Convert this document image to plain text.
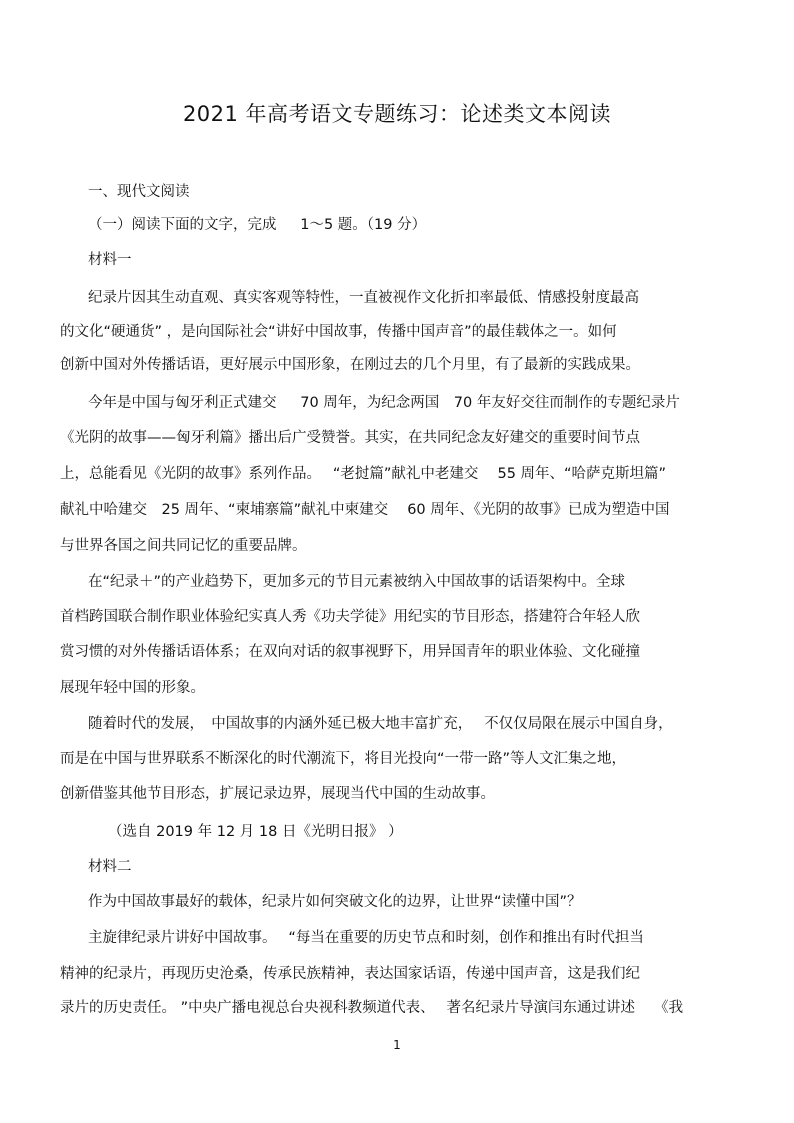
2021 年高考语文专题练习：论述类文本阅读
一、现代文阅读
（一）阅读下面的文字，完成　  1～5 题。（19 分）
材料一
纪录片因其生动直观、真实客观等特性，一直被视作文化折扣率最低、情感投射度最高
的文化“硬通货” ，是向国际社会“讲好中国故事，传播中国声音”的最佳载体之一。如何
创新中国对外传播话语，更好展示中国形象，在刚过去的几个月里，有了最新的实践成果。
今年是中国与匈牙利正式建交　  70 周年，为纪念两国　70 年友好交往而制作的专题纪录片
《光阴的故事——匈牙利篇》播出后广受赞誉。其实，在共同纪念友好建交的重要时间节点
上，总能看见《光阴的故事》系列作品。　 “老挝篇”献礼中老建交　 55 周年、“哈萨克斯坦篇”
献礼中哈建交　25 周年、“柬埔寨篇”献礼中柬建交　 60 周年、《光阴的故事》已成为塑造中国
与世界各国之间共同记忆的重要品牌。
在“纪录＋”的产业趋势下，更加多元的节目元素被纳入中国故事的话语架构中。全球
首档跨国联合制作职业体验纪实真人秀《功夫学徒》用纪实的节目形态，搭建符合年轻人欣
赏习惯的对外传播话语体系；在双向对话的叙事视野下，用异国青年的职业体验、文化碰撞
展现年轻中国的形象。
随着时代的发展，　中国故事的内涵外延已极大地丰富扩充，　 不仅仅局限在展示中国自身，
而是在中国与世界联系不断深化的时代潮流下，将目光投向“一带一路”等人文汇集之地，
创新借鉴其他节目形态，扩展记录边界，展现当代中国的生动故事。
（选自 2019 年 12 月 18 日《光明日报》 ）
材料二
作为中国故事最好的载体，纪录片如何突破文化的边界，让世界“读懂中国”？
主旋律纪录片讲好中国故事。　 “每当在重要的历史节点和时刻，创作和推出有时代担当
精神的纪录片，再现历史沧桑，传承民族精神，表达国家话语，传递中国声音，这是我们纪
录片的历史责任。 ”中央广播电视总台央视科教频道代表、　 著名纪录片导演闫东通过讲述　 《我
1
